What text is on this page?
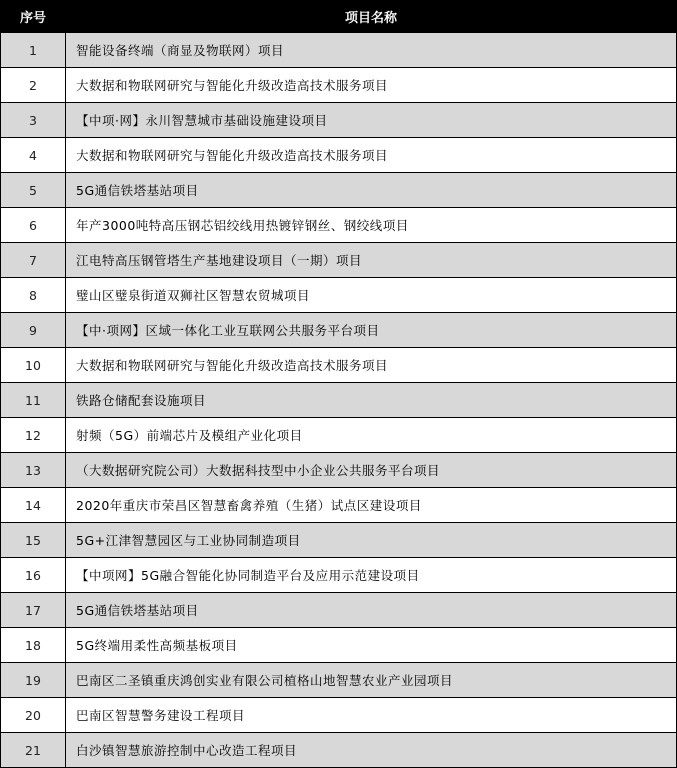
序号	项目名称
1	智能设备终端（商显及物联网）项目
2	大数据和物联网研究与智能化升级改造高技术服务项目
3	【中项·网】永川智慧城市基础设施建设项目
4	大数据和物联网研究与智能化升级改造高技术服务项目
5	5G通信铁塔基站项目
6	年产3000吨特高压钢芯铝绞线用热镀锌钢丝、钢绞线项目
7	江电特高压钢管塔生产基地建设项目（一期）项目
8	璧山区璧泉街道双狮社区智慧农贸城项目
9	【中·项网】区域一体化工业互联网公共服务平台项目
10	大数据和物联网研究与智能化升级改造高技术服务项目
11	铁路仓储配套设施项目
12	射频（5G）前端芯片及模组产业化项目
13	（大数据研究院公司）大数据科技型中小企业公共服务平台项目
14	2020年重庆市荣昌区智慧畜禽养殖（生猪）试点区建设项目
15	5G+江津智慧园区与工业协同制造项目
16	【中项网】5G融合智能化协同制造平台及应用示范建设项目
17	5G通信铁塔基站项目
18	5G终端用柔性高频基板项目
19	巴南区二圣镇重庆鸿创实业有限公司植格山地智慧农业产业园项目
20	巴南区智慧警务建设工程项目
21	白沙镇智慧旅游控制中心改造工程项目
